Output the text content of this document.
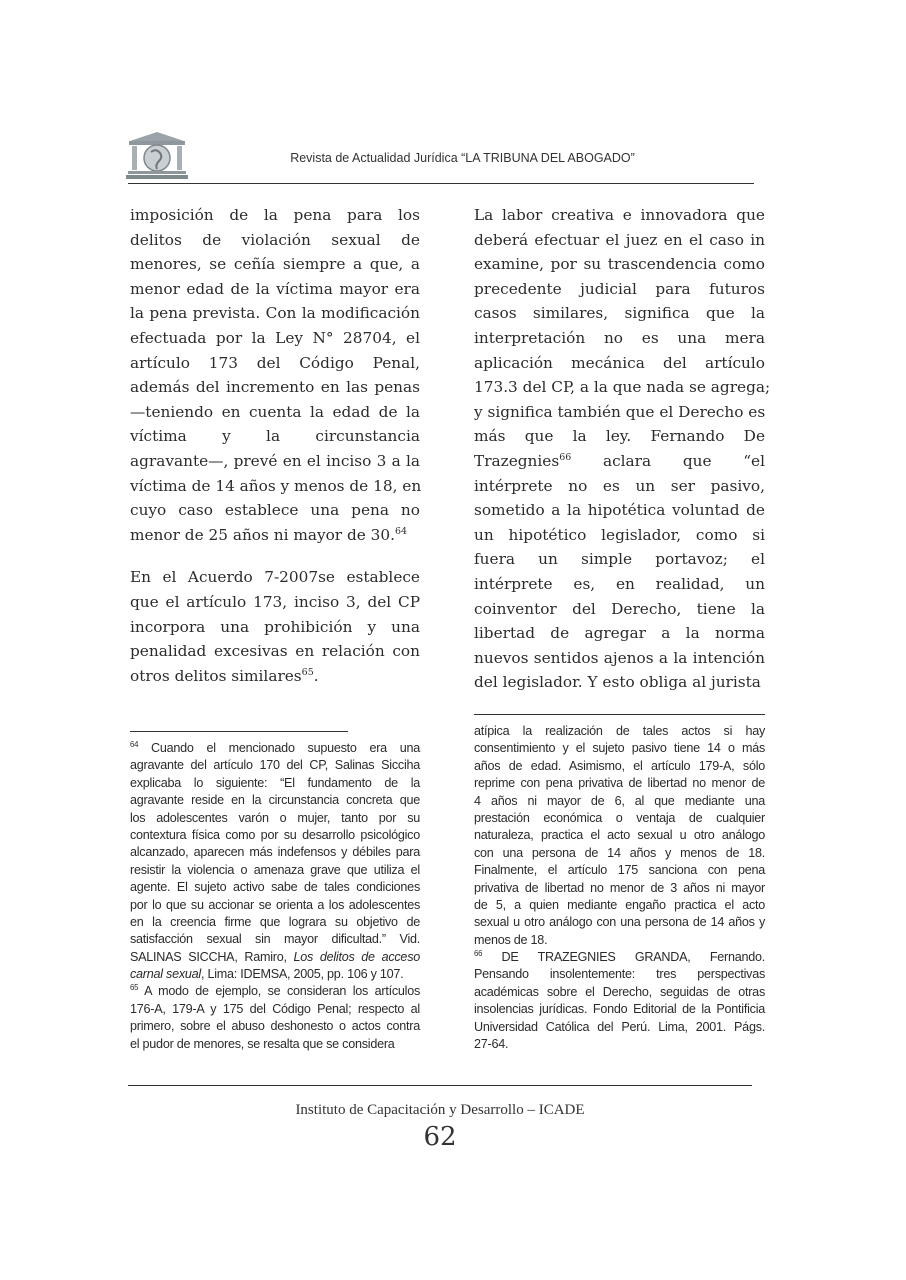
Revista de Actualidad Jurídica “LA TRIBUNA DEL ABOGADO”
imposición de la pena para los
delitos de violación sexual de
menores, se ceñía siempre a que, a
menor edad de la víctima mayor era
la pena prevista. Con la modificación
efectuada por la Ley N° 28704, el
artículo 173 del Código Penal,
además del incremento en las penas
—teniendo en cuenta la edad de la
víctima y la circunstancia
agravante—, prevé en el inciso 3 a la
víctima de 14 años y menos de 18, en
cuyo caso establece una pena no
menor de 25 años ni mayor de 30.64
En el Acuerdo 7-2007se establece
que el artículo 173, inciso 3, del CP
incorpora una prohibición y una
penalidad excesivas en relación con
otros delitos similares$^{65}$.
La labor creativa e innovadora que
deberá efectuar el juez en el caso in
examine, por su trascendencia como
precedente judicial para futuros
casos similares, significa que la
interpretación no es una mera
aplicación mecánica del artículo
173.3 del CP, a la que nada se agrega;
y significa también que el Derecho es
más que la ley. Fernando De
Trazegnies$^{66}$ aclara que “el
intérprete no es un ser pasivo,
sometido a la hipotética voluntad de
un hipotético legislador, como si
fuera un simple portavoz; el
intérprete es, en realidad, un
coinventor del Derecho, tiene la
libertad de agregar a la norma
nuevos sentidos ajenos a la intención
del legislador. Y esto obliga al jurista
$^{64}$ Cuando el mencionado supuesto era una
agravante del artículo 170 del CP, Salinas Sicciha
explicaba lo siguiente: “El fundamento de la
agravante reside en la circunstancia concreta que
los adolescentes varón o mujer, tanto por su
contextura física como por su desarrollo psicológico
alcanzado, aparecen más indefensos y débiles para
resistir la violencia o amenaza grave que utiliza el
agente. El sujeto activo sabe de tales condiciones
por lo que su accionar se orienta a los adolescentes
en la creencia firme que lograra su objetivo de
satisfacción sexual sin mayor dificultad.” Vid.
SALINAS SICCHA, Ramiro, Los delitos de acceso
carnal sexual, Lima: IDEMSA, 2005, pp. 106 y 107.
$^{65}$ A modo de ejemplo, se consideran los artículos
176-A, 179-A y 175 del Código Penal; respecto al
primero, sobre el abuso deshonesto o actos contra
el pudor de menores, se resalta que se considera
atípica la realización de tales actos si hay
consentimiento y el sujeto pasivo tiene 14 o más
años de edad. Asimismo, el artículo 179-A, sólo
reprime con pena privativa de libertad no menor de
4 años ni mayor de 6, al que mediante una
prestación económica o ventaja de cualquier
naturaleza, practica el acto sexual u otro análogo
con una persona de 14 años y menos de 18.
Finalmente, el artículo 175 sanciona con pena
privativa de libertad no menor de 3 años ni mayor
de 5, a quien mediante engaño practica el acto
sexual u otro análogo con una persona de 14 años y
menos de 18.
$^{66}$ DE TRAZEGNIES GRANDA, Fernando.
Pensando insolentemente: tres perspectivas
académicas sobre el Derecho, seguidas de otras
insolencias jurídicas. Fondo Editorial de la Pontificia
Universidad Católica del Perú. Lima, 2001. Págs.
27-64.
Instituto de Capacitación y Desarrollo – ICADE
62
